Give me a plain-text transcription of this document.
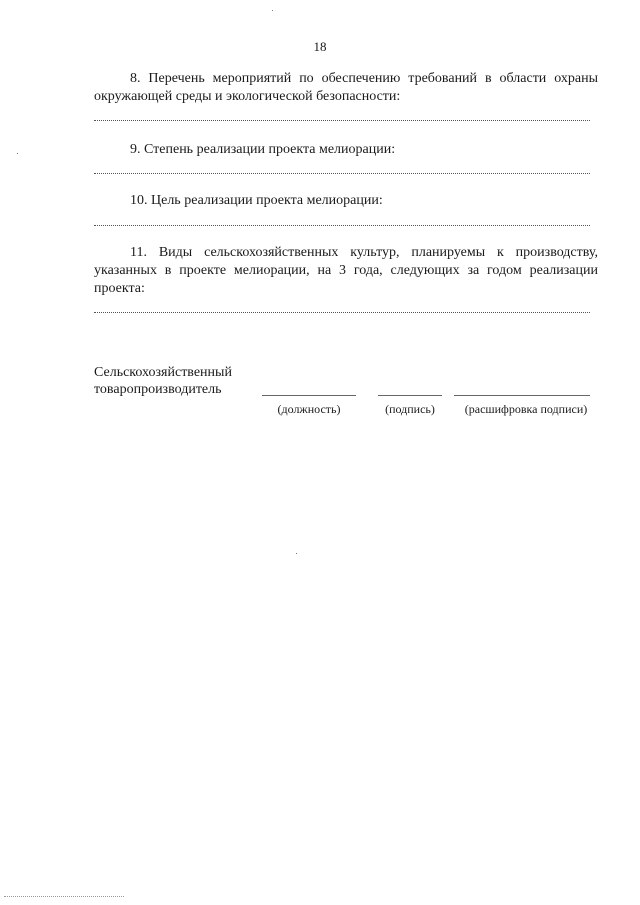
18
8. Перечень мероприятий по обеспечению требований в области охраны окружающей среды и экологической безопасности:
9. Степень реализации проекта мелиорации:
10. Цель реализации проекта мелиорации:
11. Виды сельскохозяйственных культур, планируемы к производству, указанных в проекте мелиорации, на 3 года, следующих за годом реализации проекта:
Сельскохозяйственный
товаропроизводитель
(должность)	(подпись)	(расшифровка подписи)
